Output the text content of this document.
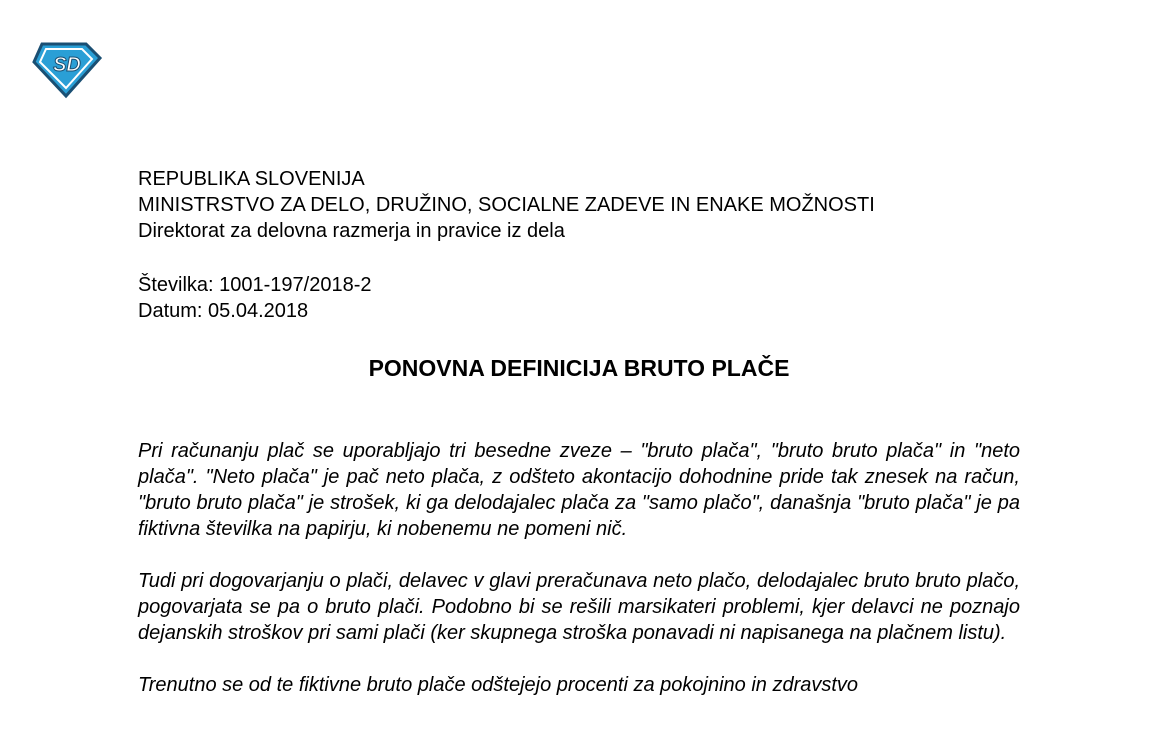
SD
REPUBLIKA SLOVENIJA
MINISTRSTVO ZA DELO, DRUŽINO, SOCIALNE ZADEVE IN ENAKE MOŽNOSTI
Direktorat za delovna razmerja in pravice iz dela
Številka: 1001-197/2018-2
Datum: 05.04.2018
PONOVNA DEFINICIJA BRUTO PLAČE

Pri računanju plač se uporabljajo tri besedne zveze – "bruto plača", "bruto bruto plača" in "neto plača". "Neto plača" je pač neto plača, z odšteto akontacijo dohodnine pride tak znesek na račun, "bruto bruto plača" je strošek, ki ga delodajalec plača za "samo plačo", današnja "bruto plača" je pa fiktivna številka na papirju, ki nobenemu ne pomeni nič.

Tudi pri dogovarjanju o plači, delavec v glavi preračunava neto plačo, delodajalec bruto bruto plačo, pogovarjata se pa o bruto plači. Podobno bi se rešili marsikateri problemi, kjer delavci ne poznajo dejanskih stroškov pri sami plači (ker skupnega stroška ponavadi ni napisanega na plačnem listu).

Trenutno se od te fiktivne bruto plače odštejejo procenti za pokojnino in zdravstvo
